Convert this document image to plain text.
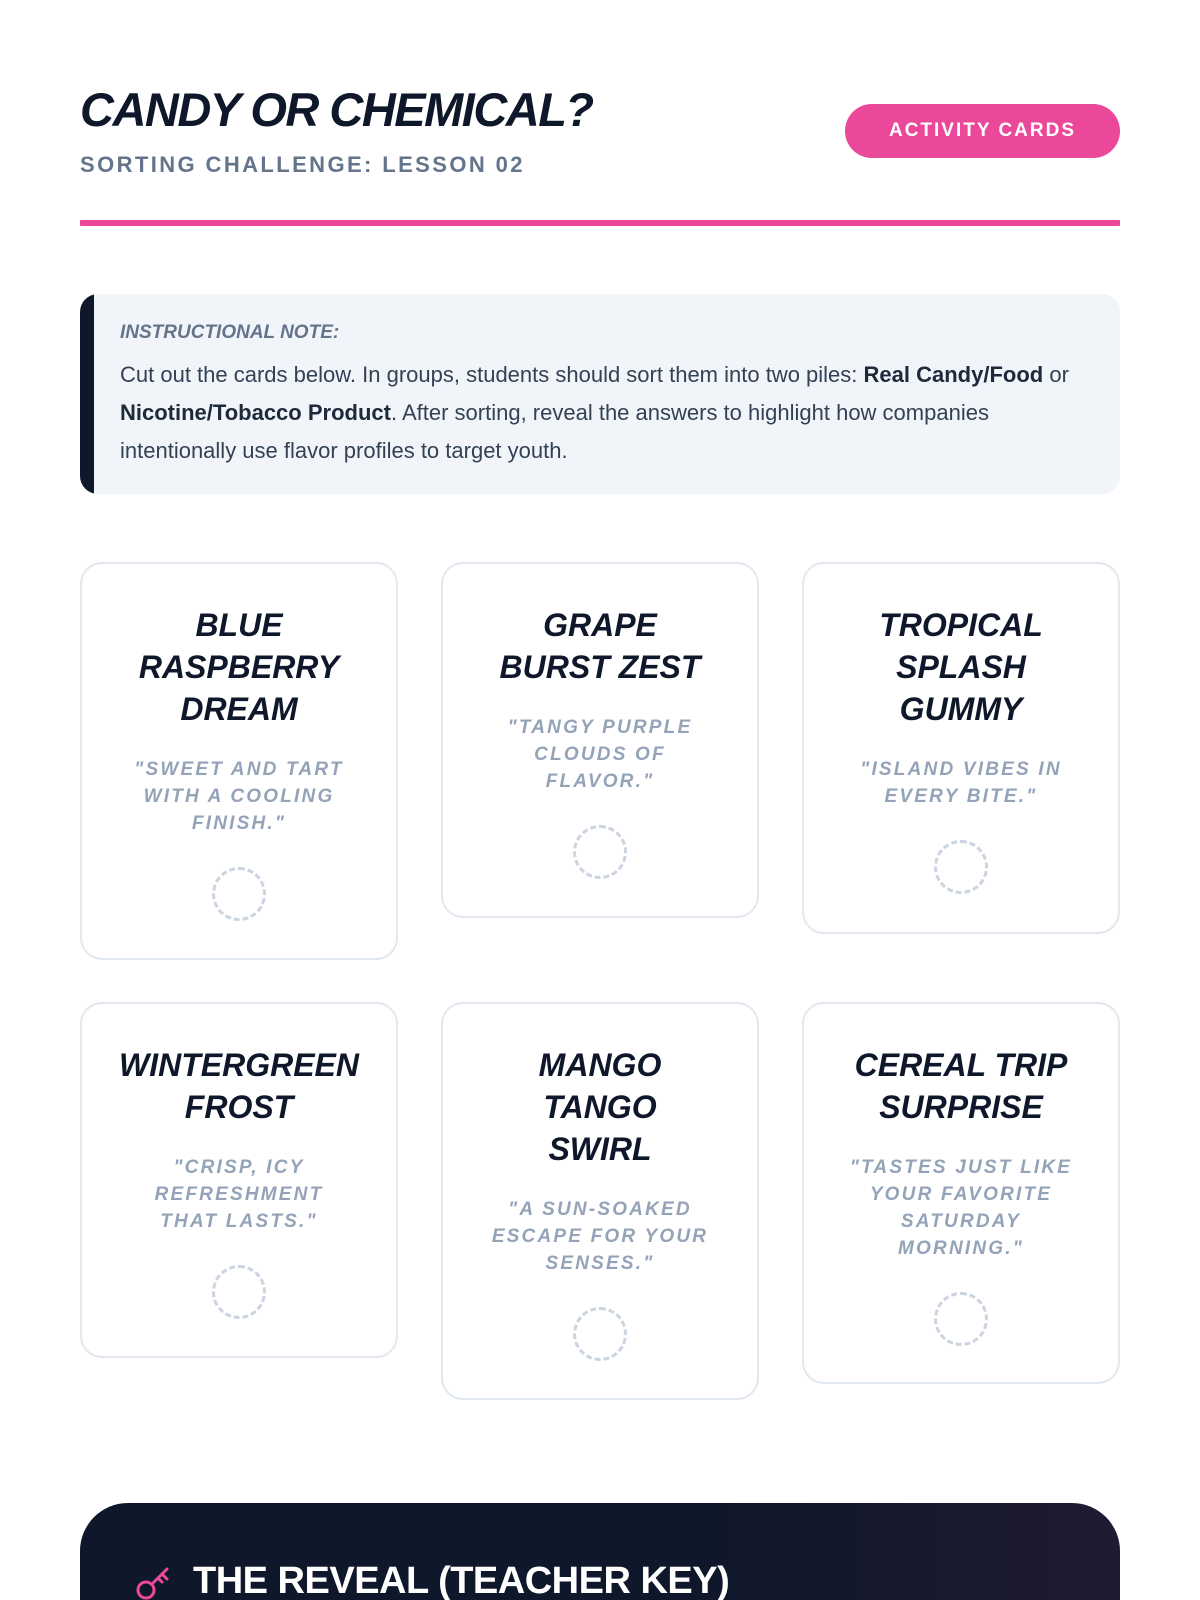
CANDY OR CHEMICAL?
SORTING CHALLENGE: LESSON 02
ACTIVITY CARDS
INSTRUCTIONAL NOTE:

Cut out the cards below. In groups, students should sort them into two piles: Real Candy/Food or Nicotine/Tobacco Product. After sorting, reveal the answers to highlight how companies intentionally use flavor profiles to target youth.

BLUE RASPBERRY DREAM
"SWEET AND TART WITH A COOLING FINISH."
GRAPE BURST ZEST
"TANGY PURPLE CLOUDS OF FLAVOR."
TROPICAL SPLASH GUMMY
"ISLAND VIBES IN EVERY BITE."
WINTERGREEN FROST
"CRISP, ICY REFRESHMENT THAT LASTS."
MANGO TANGO SWIRL
"A SUN-SOAKED ESCAPE FOR YOUR SENSES."
CEREAL TRIP SURPRISE
"TASTES JUST LIKE YOUR FAVORITE SATURDAY MORNING."
THE REVEAL (TEACHER KEY)
